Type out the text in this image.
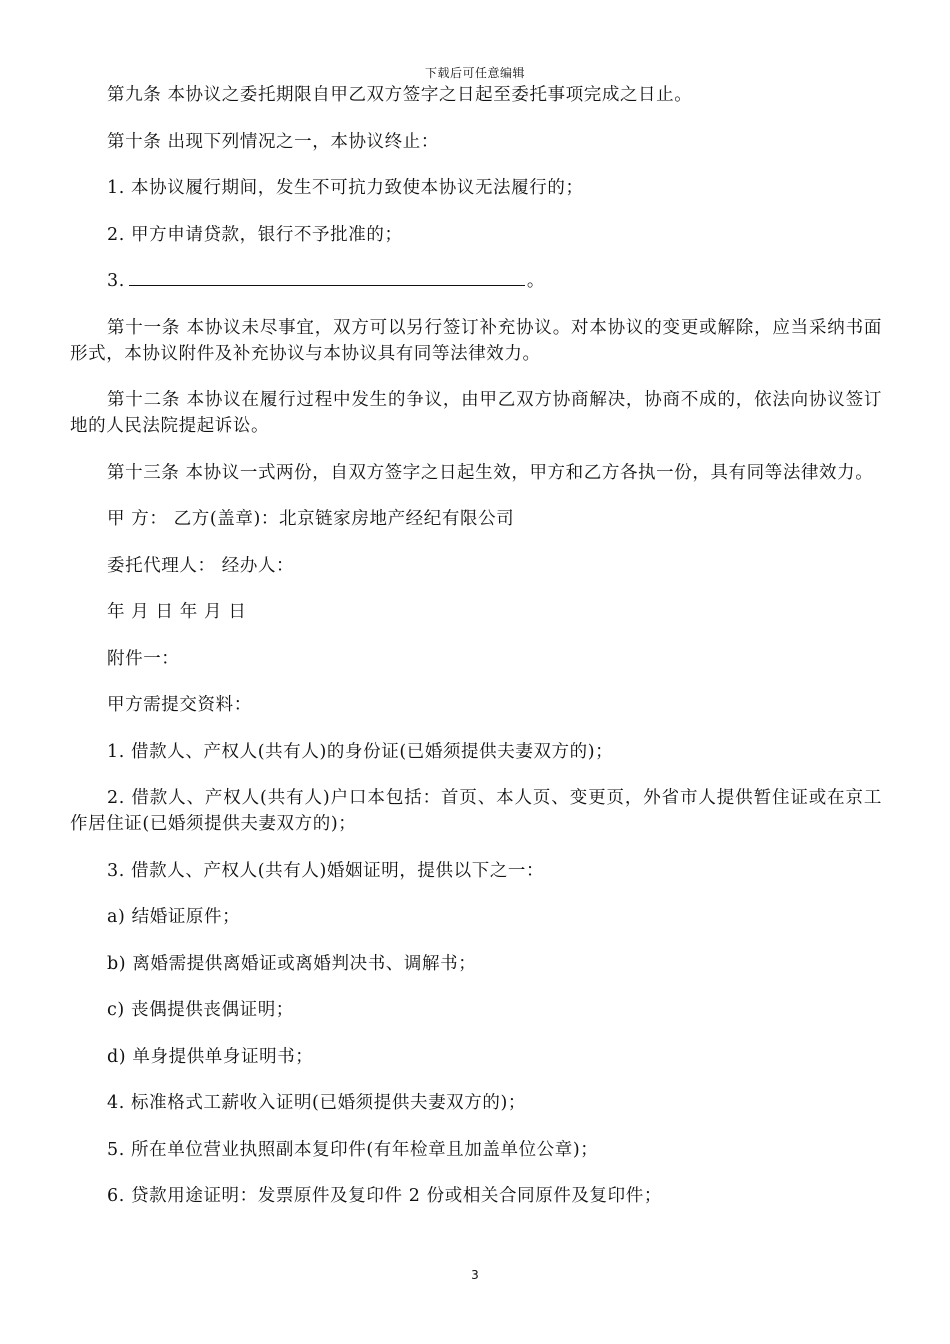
下载后可任意编辑

第九条 本协议之委托期限自甲乙双方签字之日起至委托事项完成之日止。

第十条 出现下列情况之一，本协议终止：

1. 本协议履行期间，发生不可抗力致使本协议无法履行的；

2. 甲方申请贷款，银行不予批准的；

3.	。

第十一条 本协议未尽事宜，双方可以另行签订补充协议。对本协议的变更或解除，应当采纳书面形式，本协议附件及补充协议与本协议具有同等法律效力。

第十二条 本协议在履行过程中发生的争议，由甲乙双方协商解决，协商不成的，依法向协议签订地的人民法院提起诉讼。

第十三条 本协议一式两份，自双方签字之日起生效，甲方和乙方各执一份，具有同等法律效力。

甲 方： 乙方(盖章)：北京链家房地产经纪有限公司

委托代理人： 经办人：

年 月 日 年 月 日

附件一：

甲方需提交资料：

1. 借款人、产权人(共有人)的身份证(已婚须提供夫妻双方的)；

2. 借款人、产权人(共有人)户口本包括：首页、本人页、变更页，外省市人提供暂住证或在京工作居住证(已婚须提供夫妻双方的)；

3. 借款人、产权人(共有人)婚姻证明，提供以下之一：

a) 结婚证原件；

b) 离婚需提供离婚证或离婚判决书、调解书；

c) 丧偶提供丧偶证明；

d) 单身提供单身证明书；

4. 标准格式工薪收入证明(已婚须提供夫妻双方的)；

5. 所在单位营业执照副本复印件(有年检章且加盖单位公章)；

6. 贷款用途证明：发票原件及复印件 2 份或相关合同原件及复印件；

3
